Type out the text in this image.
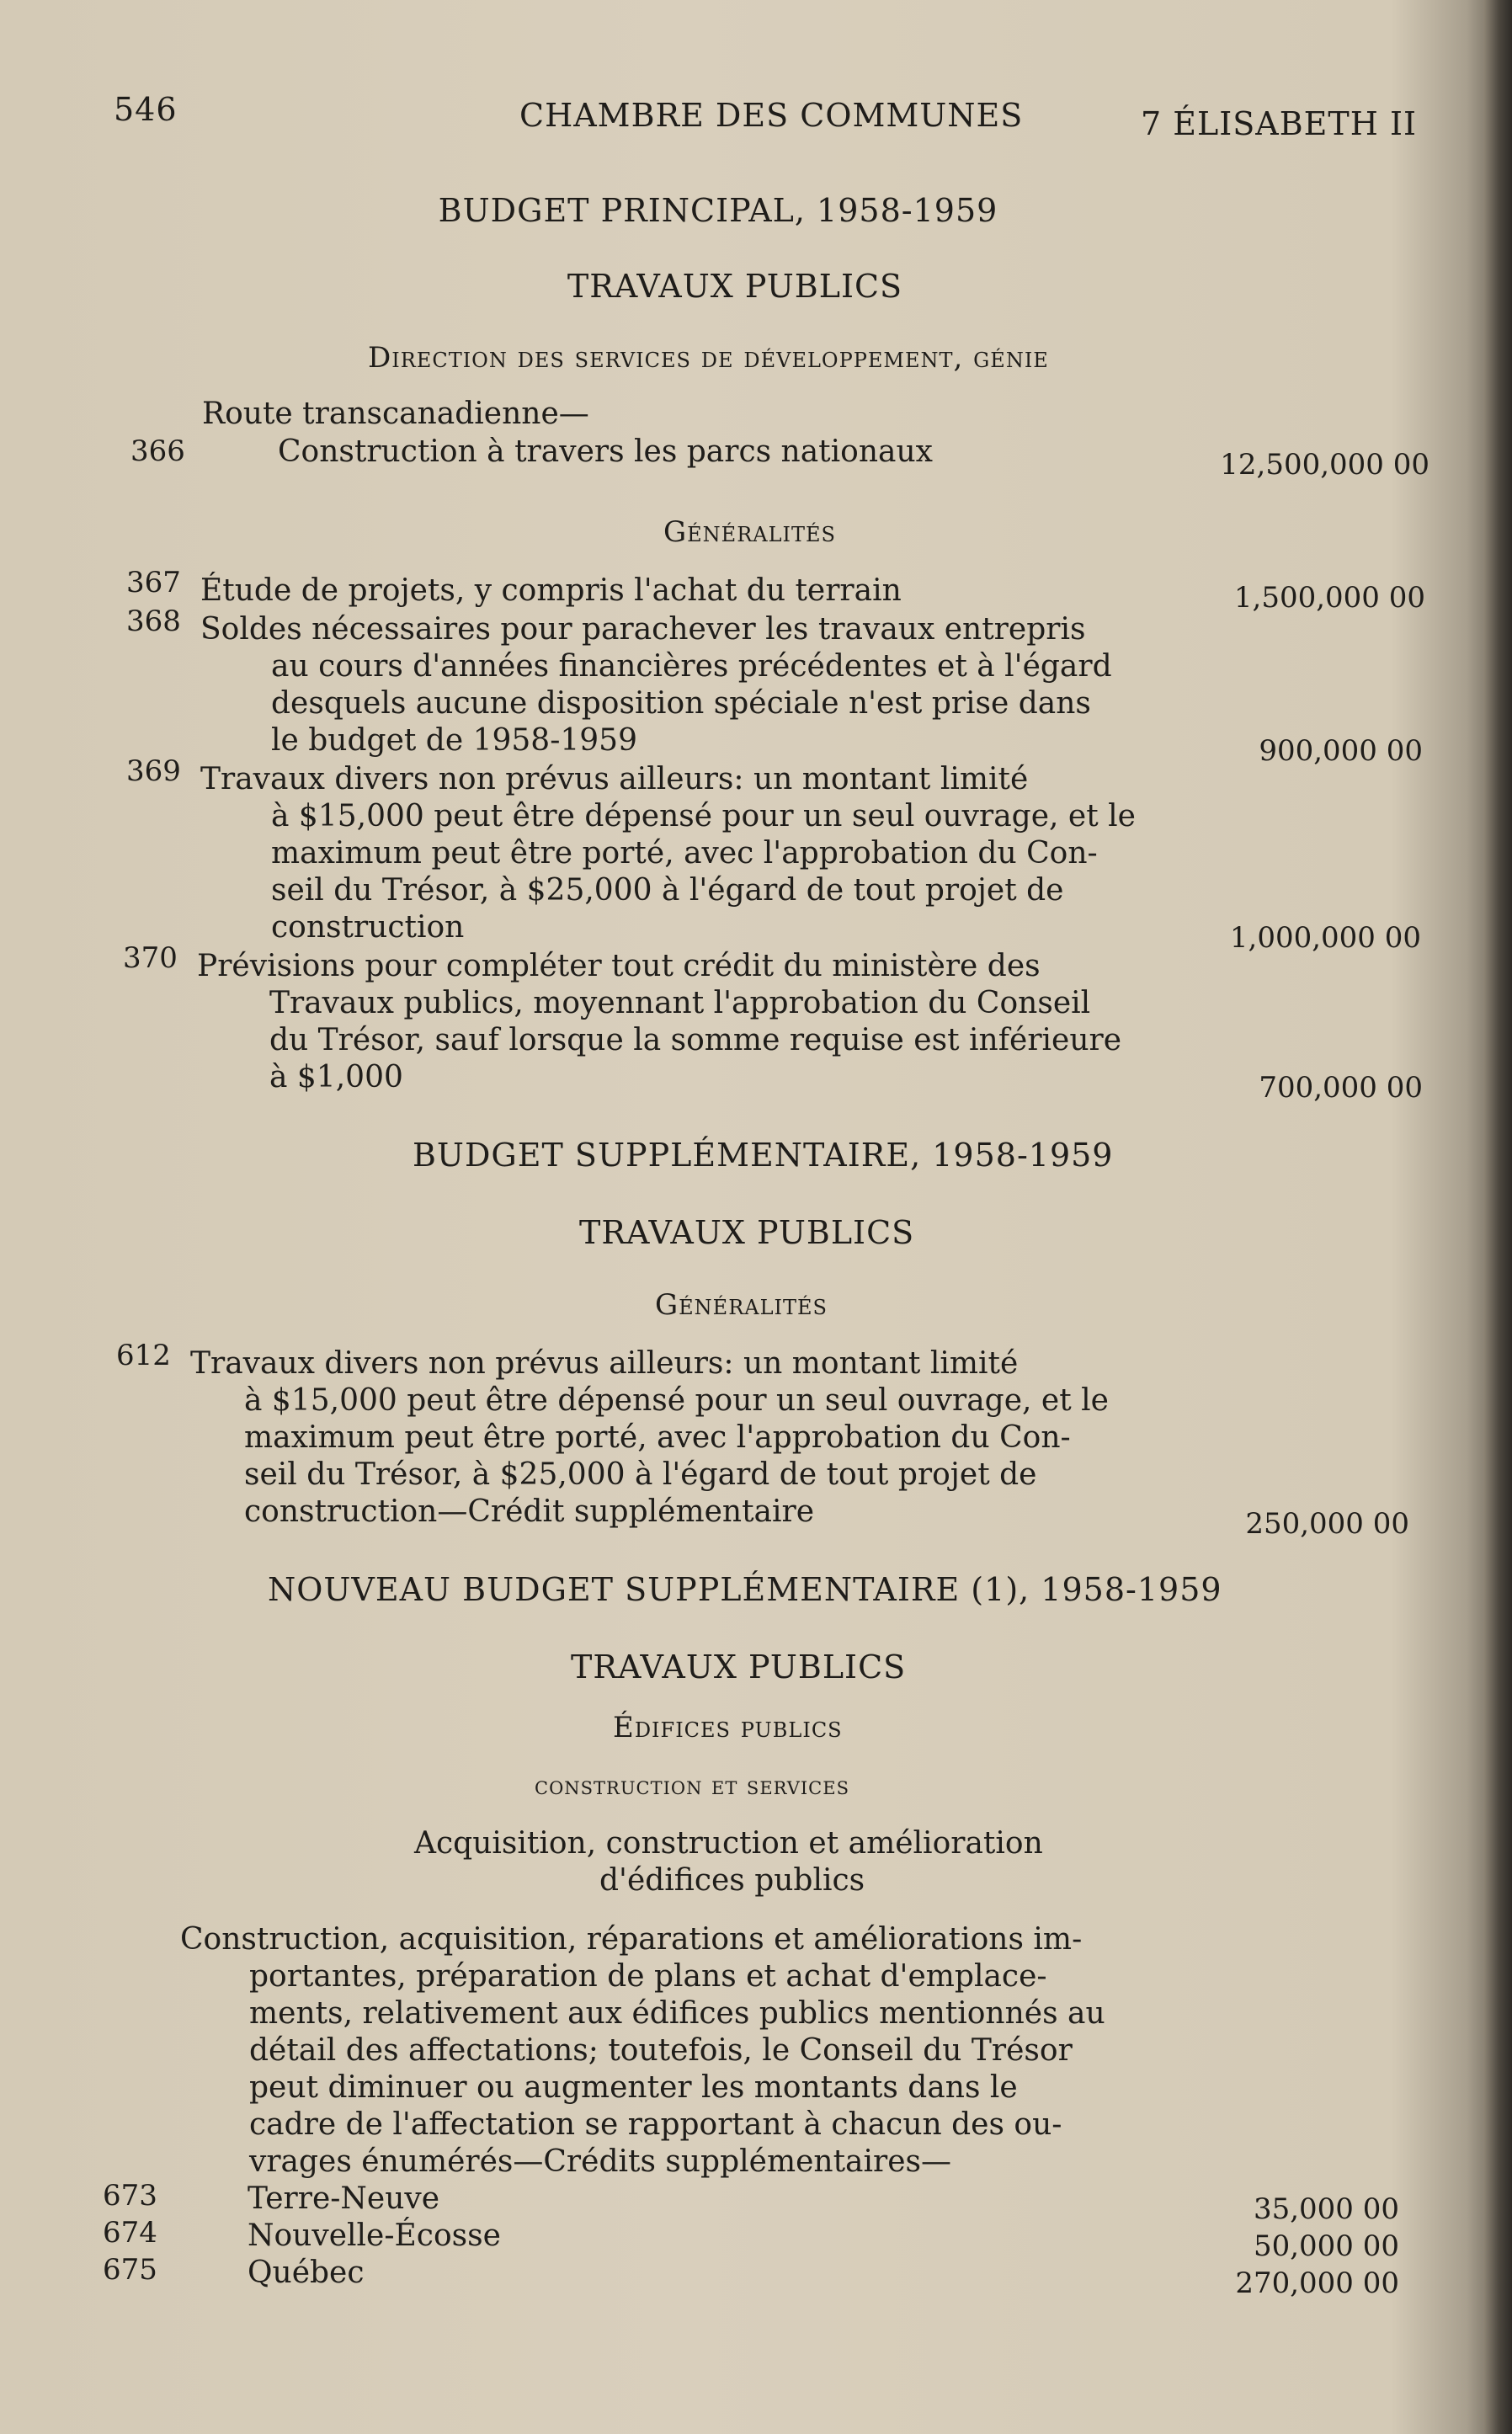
546	CHAMBRE DES COMMUNES	7 ÉLISABETH II
BUDGET PRINCIPAL, 1958-1959
TRAVAUX PUBLICS
Direction des services de développement, génie
Route transcanadienne—
366	Construction à travers les parcs nationaux	12,500,000 00
Généralités
367 Étude de projets, y compris l'achat du terrain	1,500,000 00
368 Soldes nécessaires pour parachever les travaux entrepris
au cours d'années financières précédentes et à l'égard
desquels aucune disposition spéciale n'est prise dans
le budget de 1958-1959	900,000 00
369 Travaux divers non prévus ailleurs: un montant limité
à $15,000 peut être dépensé pour un seul ouvrage, et le
maximum peut être porté, avec l'approbation du Con-
seil du Trésor, à $25,000 à l'égard de tout projet de
construction	1,000,000 00
370 Prévisions pour compléter tout crédit du ministère des
Travaux publics, moyennant l'approbation du Conseil
du Trésor, sauf lorsque la somme requise est inférieure
à $1,000	700,000 00
BUDGET SUPPLÉMENTAIRE, 1958-1959
TRAVAUX PUBLICS
Généralités
612 Travaux divers non prévus ailleurs: un montant limité
à $15,000 peut être dépensé pour un seul ouvrage, et le
maximum peut être porté, avec l'approbation du Con-
seil du Trésor, à $25,000 à l'égard de tout projet de
construction—Crédit supplémentaire	250,000 00
NOUVEAU BUDGET SUPPLÉMENTAIRE (1), 1958-1959
TRAVAUX PUBLICS
Édifices publics
construction et services
Acquisition, construction et amélioration
d'édifices publics
Construction, acquisition, réparations et améliorations im-
portantes, préparation de plans et achat d'emplace-
ments, relativement aux édifices publics mentionnés au
détail des affectations; toutefois, le Conseil du Trésor
peut diminuer ou augmenter les montants dans le
cadre de l'affectation se rapportant à chacun des ou-
vrages énumérés—Crédits supplémentaires—
673	Terre-Neuve	35,000 00
674	Nouvelle-Écosse	50,000 00
675	Québec	270,000 00
